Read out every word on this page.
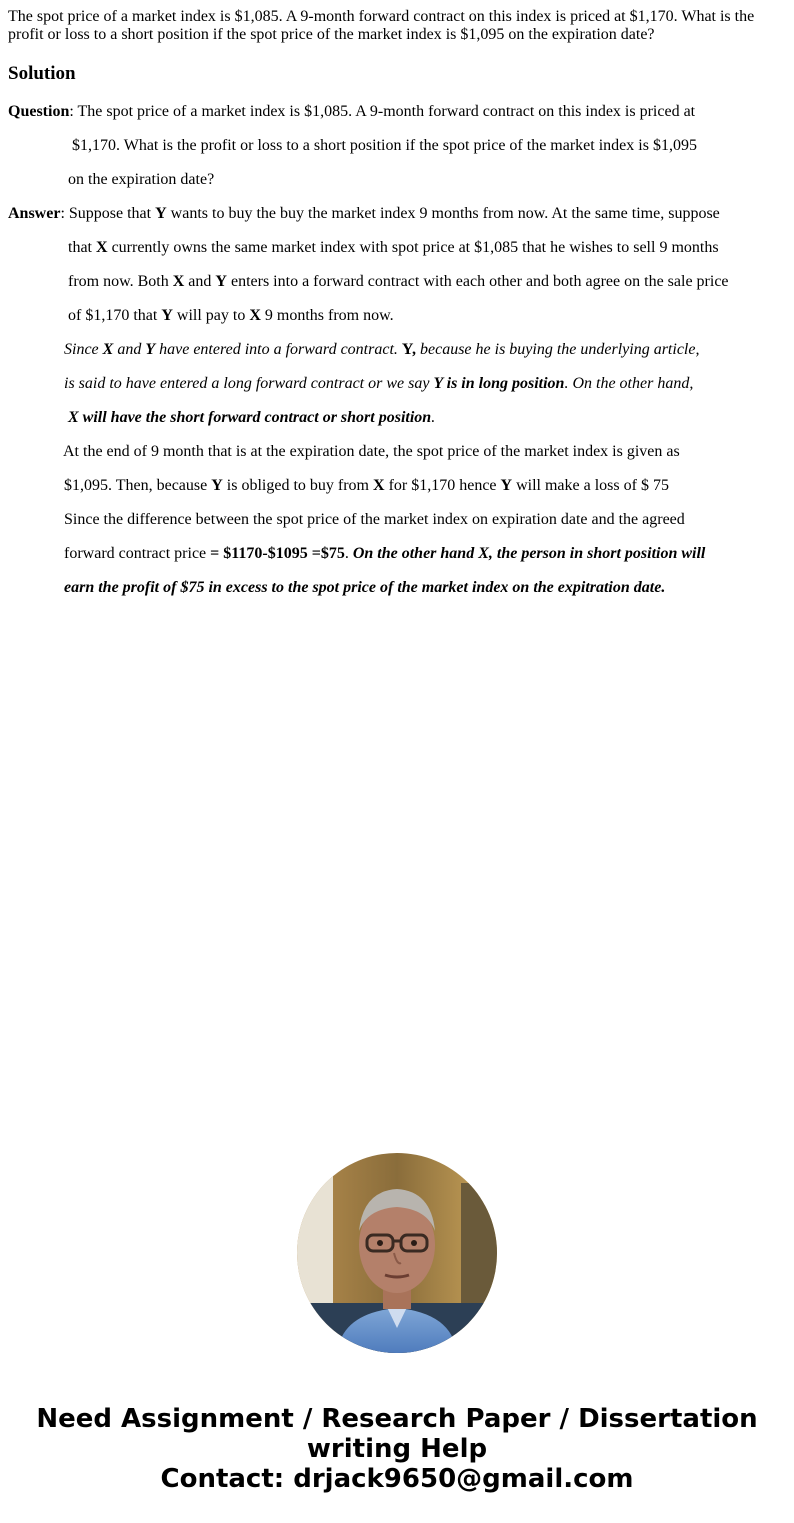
The spot price of a market index is $1,085. A 9-month forward contract on this index is priced at $1,170. What is the profit or loss to a short position if the spot price of the market index is $1,095 on the expiration date?

Solution

Question: The spot price of a market index is $1,085. A 9-month forward contract on this index is priced at

$1,170. What is the profit or loss to a short position if the spot price of the market index is $1,095

on the expiration date?

Answer: Suppose that Y wants to buy the buy the market index 9 months from now. At the same time, suppose

that X currently owns the same market index with spot price at $1,085 that he wishes to sell 9 months

from now. Both X and Y enters into a forward contract with each other and both agree on the sale price

of $1,170 that Y will pay to X 9 months from now.

Since X and Y have entered into a forward contract. Y, because he is buying the underlying article,

is said to have entered a long forward contract or we say Y is in long position. On the other hand,

X will have the short forward contract or short position.

At the end of 9 month that is at the expiration date, the spot price of the market index is given as

$1,095. Then, because Y is obliged to buy from X for $1,170 hence Y will make a loss of $ 75

Since the difference between the spot price of the market index on expiration date and the agreed

forward contract price = $1170-$1095 =$75. On the other hand X, the person in short position will

earn the profit of $75 in excess to the spot price of the market index on the expitration date.

Need Assignment / Research Paper / Dissertation
writing Help
Contact: drjack9650@gmail.com
